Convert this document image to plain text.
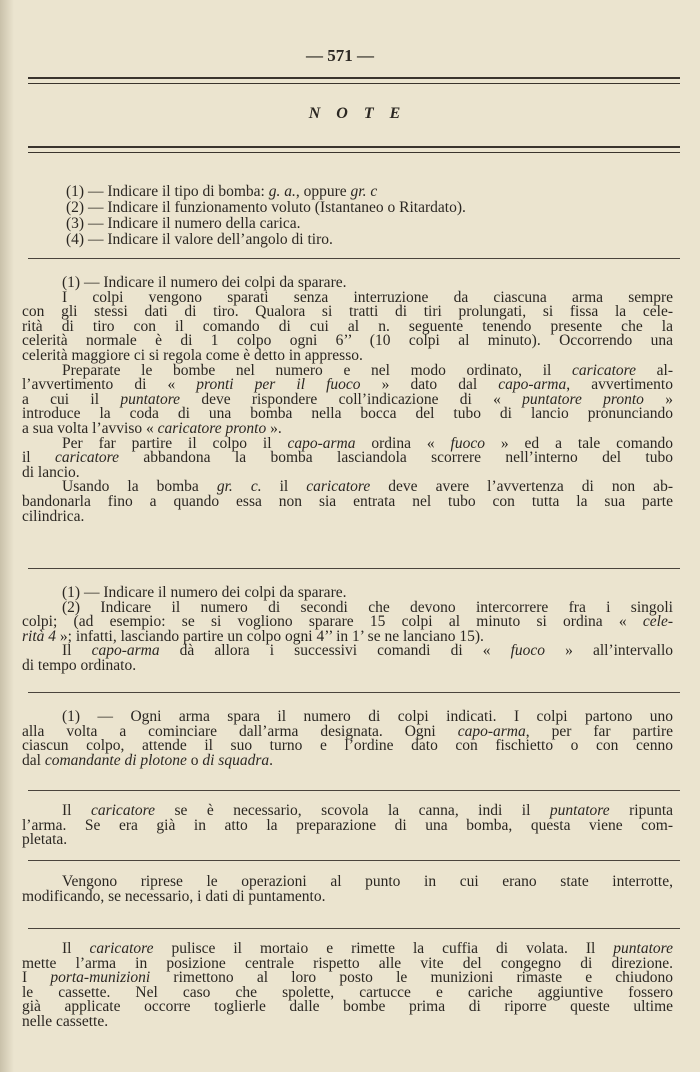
— 571 —
N O T E
(1) — Indicare il tipo di bomba: g. a., oppure gr. c
(2) — Indicare il funzionamento voluto (Istantaneo o Ritardato).
(3) — Indicare il numero della carica.
(4) — Indicare il valore dell’angolo di tiro.
(1) — Indicare il numero dei colpi da sparare.
I colpi vengono sparati senza interruzione da ciascuna arma sempre
con gli stessi dati di tiro. Qualora si tratti di tiri prolungati, si fissa la cele-
rità di tiro con il comando di cui al n. seguente tenendo presente che la
celerità normale è di 1 colpo ogni 6’’ (10 colpi al minuto). Occorrendo una
celerità maggiore ci si regola come è detto in appresso.
Preparate le bombe nel numero e nel modo ordinato, il caricatore al-
l’avvertimento di « pronti per il fuoco » dato dal capo-arma, avvertimento
a cui il puntatore deve rispondere coll’indicazione di « puntatore pronto »
introduce la coda di una bomba nella bocca del tubo di lancio pronunciando
a sua volta l’avviso « caricatore pronto ».
Per far partire il colpo il capo-arma ordina « fuoco » ed a tale comando
il caricatore abbandona la bomba lasciandola scorrere nell’interno del tubo
di lancio.
Usando la bomba gr. c. il caricatore deve avere l’avvertenza di non ab-
bandonarla fino a quando essa non sia entrata nel tubo con tutta la sua parte
cilindrica.
(1) — Indicare il numero dei colpi da sparare.
(2) Indicare il numero di secondi che devono intercorrere fra i singoli
colpi; (ad esempio: se si vogliono sparare 15 colpi al minuto si ordina « cele-
rità 4 »; infatti, lasciando partire un colpo ogni 4’’ in 1’ se ne lanciano 15).
Il capo-arma dà allora i successivi comandi di « fuoco » all’intervallo
di tempo ordinato.
(1) — Ogni arma spara il numero di colpi indicati. I colpi partono uno
alla volta a cominciare dall’arma designata. Ogni capo-arma, per far partire
ciascun colpo, attende il suo turno e l’ordine dato con fischietto o con cenno
dal comandante di plotone o di squadra.
Il caricatore se è necessario, scovola la canna, indi il puntatore ripunta
l’arma. Se era già in atto la preparazione di una bomba, questa viene com-
pletata.
Vengono riprese le operazioni al punto in cui erano state interrotte,
modificando, se necessario, i dati di puntamento.
Il caricatore pulisce il mortaio e rimette la cuffia di volata. Il puntatore
mette l’arma in posizione centrale rispetto alle vite del congegno di direzione.
I porta-munizioni rimettono al loro posto le munizioni rimaste e chiudono
le cassette. Nel caso che spolette, cartucce e cariche aggiuntive fossero
già applicate occorre toglierle dalle bombe prima di riporre queste ultime
nelle cassette.
